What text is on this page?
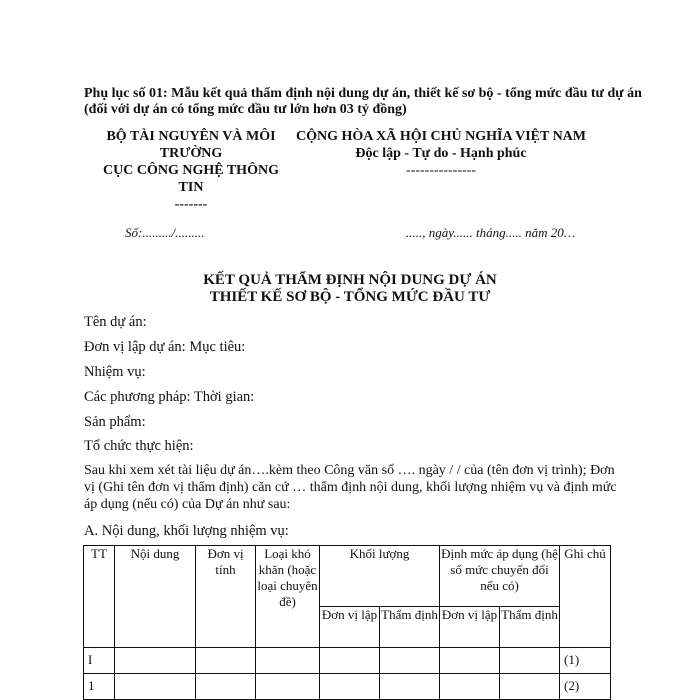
Phụ lục số 01: Mẫu kết quả thẩm định nội dung dự án, thiết kế sơ bộ - tổng mức đầu tư dự án (đối với dự án có tổng mức đầu tư lớn hơn 03 tỷ đồng)
BỘ TÀI NGUYÊN VÀ MÔI TRƯỜNG
CỤC CÔNG NGHỆ THÔNG TIN
-------
CỘNG HÒA XÃ HỘI CHỦ NGHĨA VIỆT NAM
Độc lập - Tự do - Hạnh phúc
---------------
Số:........./.........	....., ngày...... tháng..... năm 20…
KẾT QUẢ THẨM ĐỊNH NỘI DUNG DỰ ÁN
THIẾT KẾ SƠ BỘ - TỔNG MỨC ĐẦU TƯ
Tên dự án:
Đơn vị lập dự án: Mục tiêu:
Nhiệm vụ:
Các phương pháp: Thời gian:
Sản phẩm:
Tổ chức thực hiện:
Sau khi xem xét tài liệu dự án….kèm theo Công văn số …. ngày / / của (tên đơn vị trình); Đơn vị (Ghi tên đơn vị thẩm định) căn cứ … thẩm định nội dung, khối lượng nhiệm vụ và định mức áp dụng (nếu có) của Dự án như sau:
A. Nội dung, khối lượng nhiệm vụ:
TT	Nội dung	Đơn vị tính	Loại khó khăn (hoặc loại chuyên đề)	Khối lượng		Định mức áp dụng (hệ số mức chuyển đổi nếu có)		Ghi chú
				Đơn vị lập	Thẩm định	Đơn vị lập	Thẩm định	
I								(1)
1								(2)
